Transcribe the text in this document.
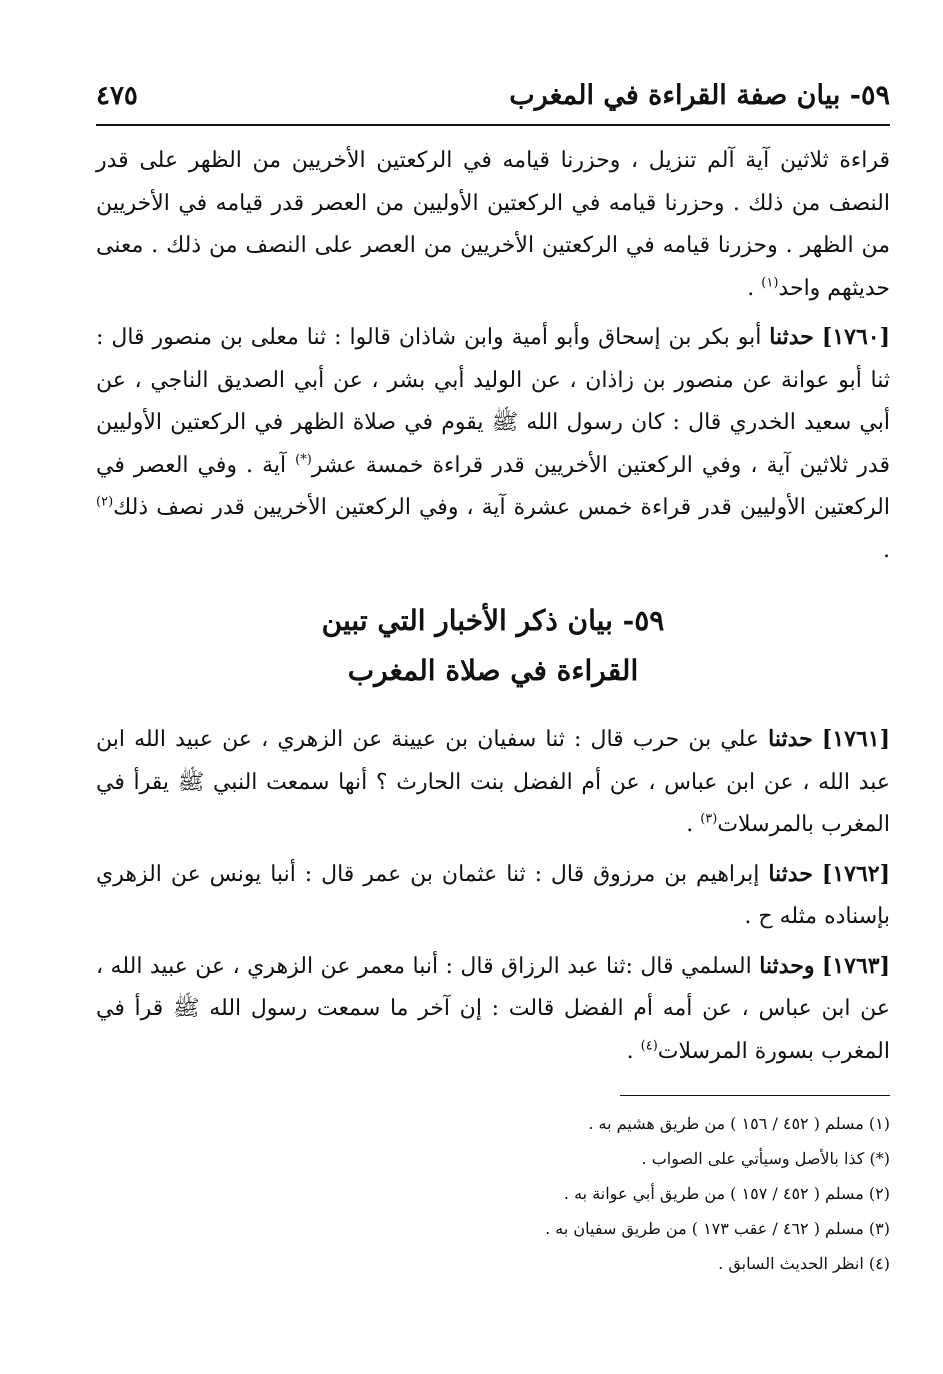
٥٩- بيان صفة القراءة في المغرب
٤٧٥

قراءة ثلاثين آية آلم تنزيل ، وحزرنا قيامه في الركعتين الأخريين من الظهر على قدر النصف من ذلك . وحزرنا قيامه في الركعتين الأوليين من العصر قدر قيامه في الأخريين من الظهر . وحزرنا قيامه في الركعتين الأخريين من العصر على النصف من ذلك . معنى حديثهم واحد$^{(١)}$ .

[١٧٦٠] حدثنا أبو بكر بن إسحاق وأبو أمية وابن شاذان قالوا : ثنا معلى بن منصور قال : ثنا أبو عوانة عن منصور بن زاذان ، عن الوليد أبي بشر ، عن أبي الصديق الناجي ، عن أبي سعيد الخدري قال : كان رسول الله ﷺ يقوم في صلاة الظهر في الركعتين الأوليين قدر ثلاثين آية ، وفي الركعتين الأخريين قدر قراءة خمسة عشر(*) آية . وفي العصر في الركعتين الأوليين قدر قراءة خمس عشرة آية ، وفي الركعتين الأخريين قدر نصف ذلك$^{(٢)}$ .

٥٩- بيان ذكر الأخبار التي تبين
القراءة في صلاة المغرب

[١٧٦١] حدثنا علي بن حرب قال : ثنا سفيان بن عيينة عن الزهري ، عن عبيد الله ابن عبد الله ، عن ابن عباس ، عن أم الفضل بنت الحارث ؟ أنها سمعت النبي ﷺ يقرأ في المغرب بالمرسلات$^{(٣)}$ .

[١٧٦٢] حدثنا إبراهيم بن مرزوق قال : ثنا عثمان بن عمر قال : أنبا يونس عن الزهري بإسناده مثله ح .

[١٧٦٣] وحدثنا السلمي قال :ثنا عبد الرزاق قال : أنبا معمر عن الزهري ، عن عبيد الله ، عن ابن عباس ، عن أمه أم الفضل قالت : إن آخر ما سمعت رسول الله ﷺ قرأ في المغرب بسورة المرسلات$^{(٤)}$ .

(١) مسلم ( ٤٥٢ / ١٥٦ ) من طريق هشيم به .
(*) كذا بالأصل وسيأتي على الصواب .
(٢) مسلم ( ٤٥٢ / ١٥٧ ) من طريق أبي عوانة به .
(٣) مسلم ( ٤٦٢ / عقب ١٧٣ ) من طريق سفيان به .
(٤) انظر الحديث السابق .
